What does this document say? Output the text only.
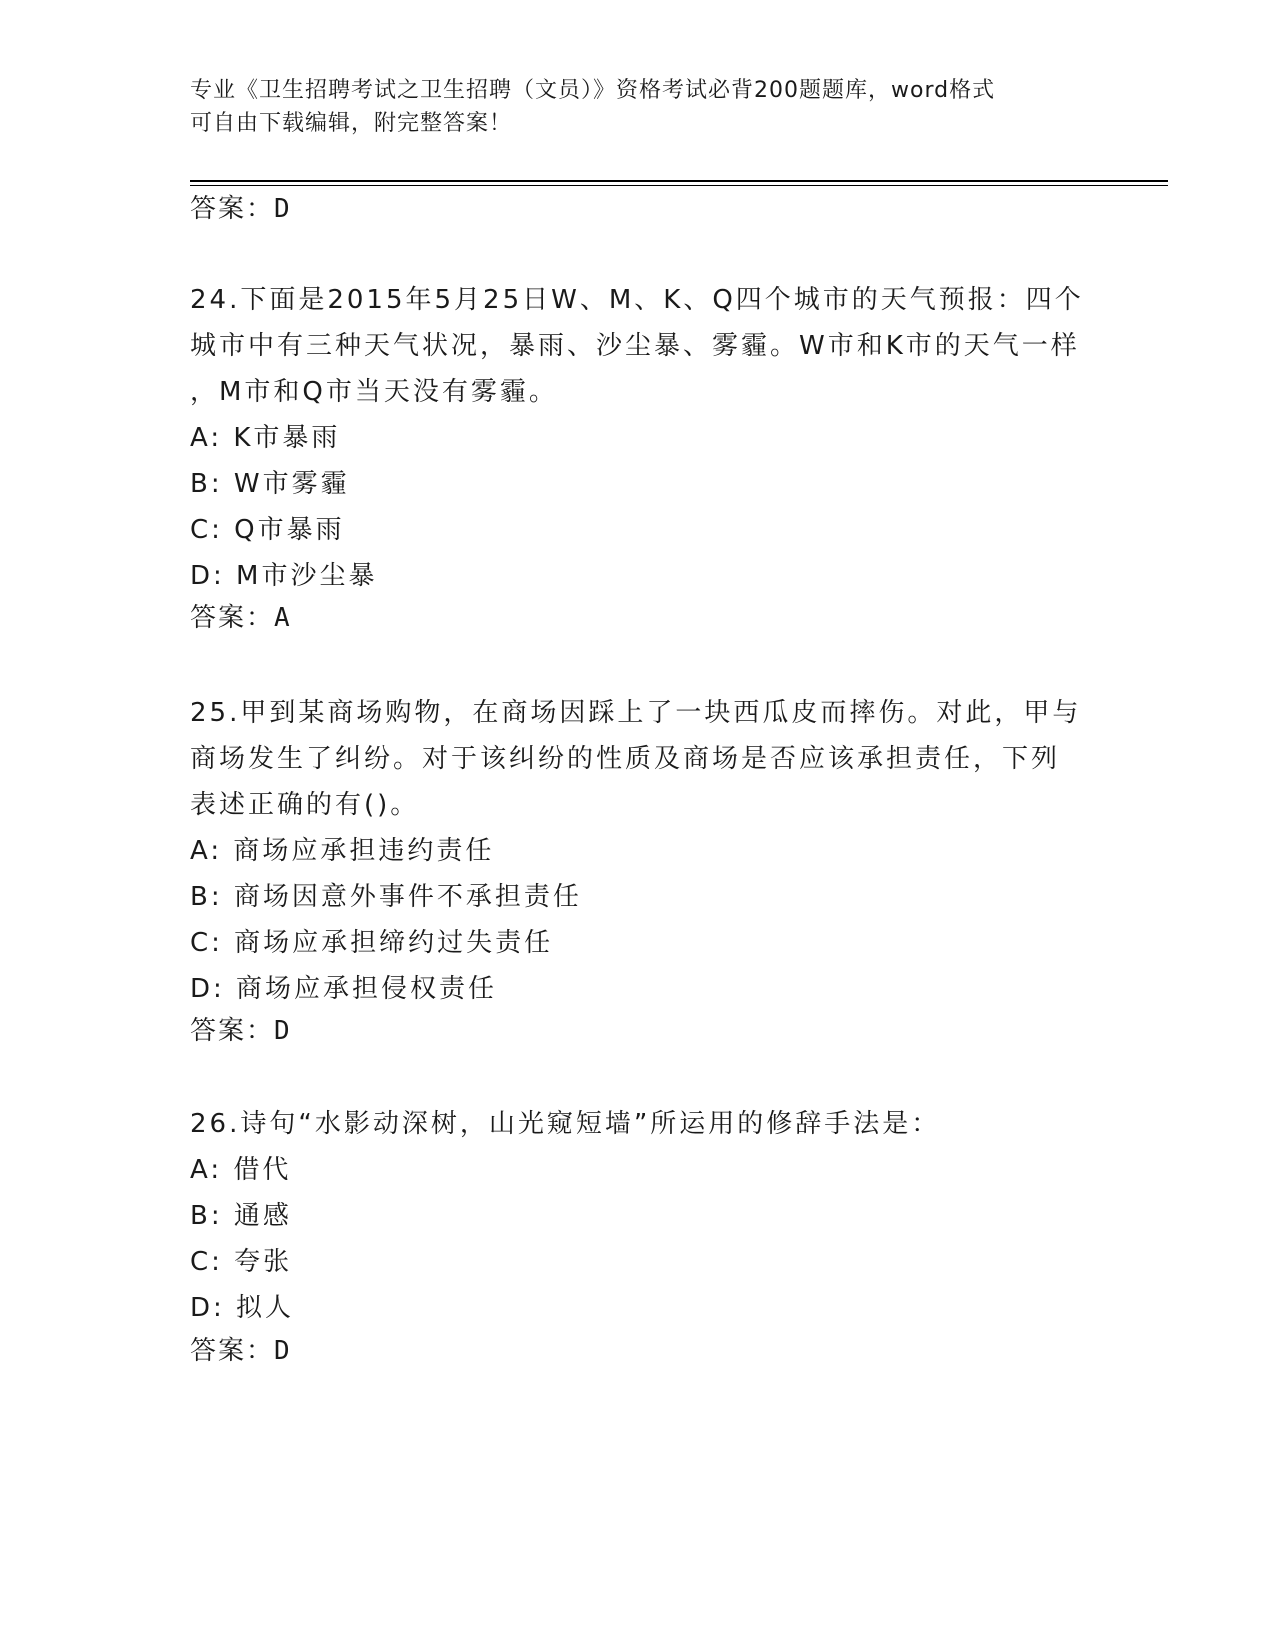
专业《卫生招聘考试之卫生招聘（文员）》资格考试必背200题题库，word格式
可自由下载编辑，附完整答案！
答案：D
24.下面是2015年5月25日W、M、K、Q四个城市的天气预报：四个
城市中有三种天气状况，暴雨、沙尘暴、雾霾。W市和K市的天气一样
，M市和Q市当天没有雾霾。
A: K市暴雨
B: W市雾霾
C: Q市暴雨
D: M市沙尘暴
答案：A
25.甲到某商场购物，在商场因踩上了一块西瓜皮而摔伤。对此，甲与
商场发生了纠纷。对于该纠纷的性质及商场是否应该承担责任，下列
表述正确的有()。
A: 商场应承担违约责任
B: 商场因意外事件不承担责任
C: 商场应承担缔约过失责任
D: 商场应承担侵权责任
答案：D
26.诗句“水影动深树，山光窥短墙”所运用的修辞手法是：
A: 借代
B: 通感
C: 夸张
D: 拟人
答案：D
